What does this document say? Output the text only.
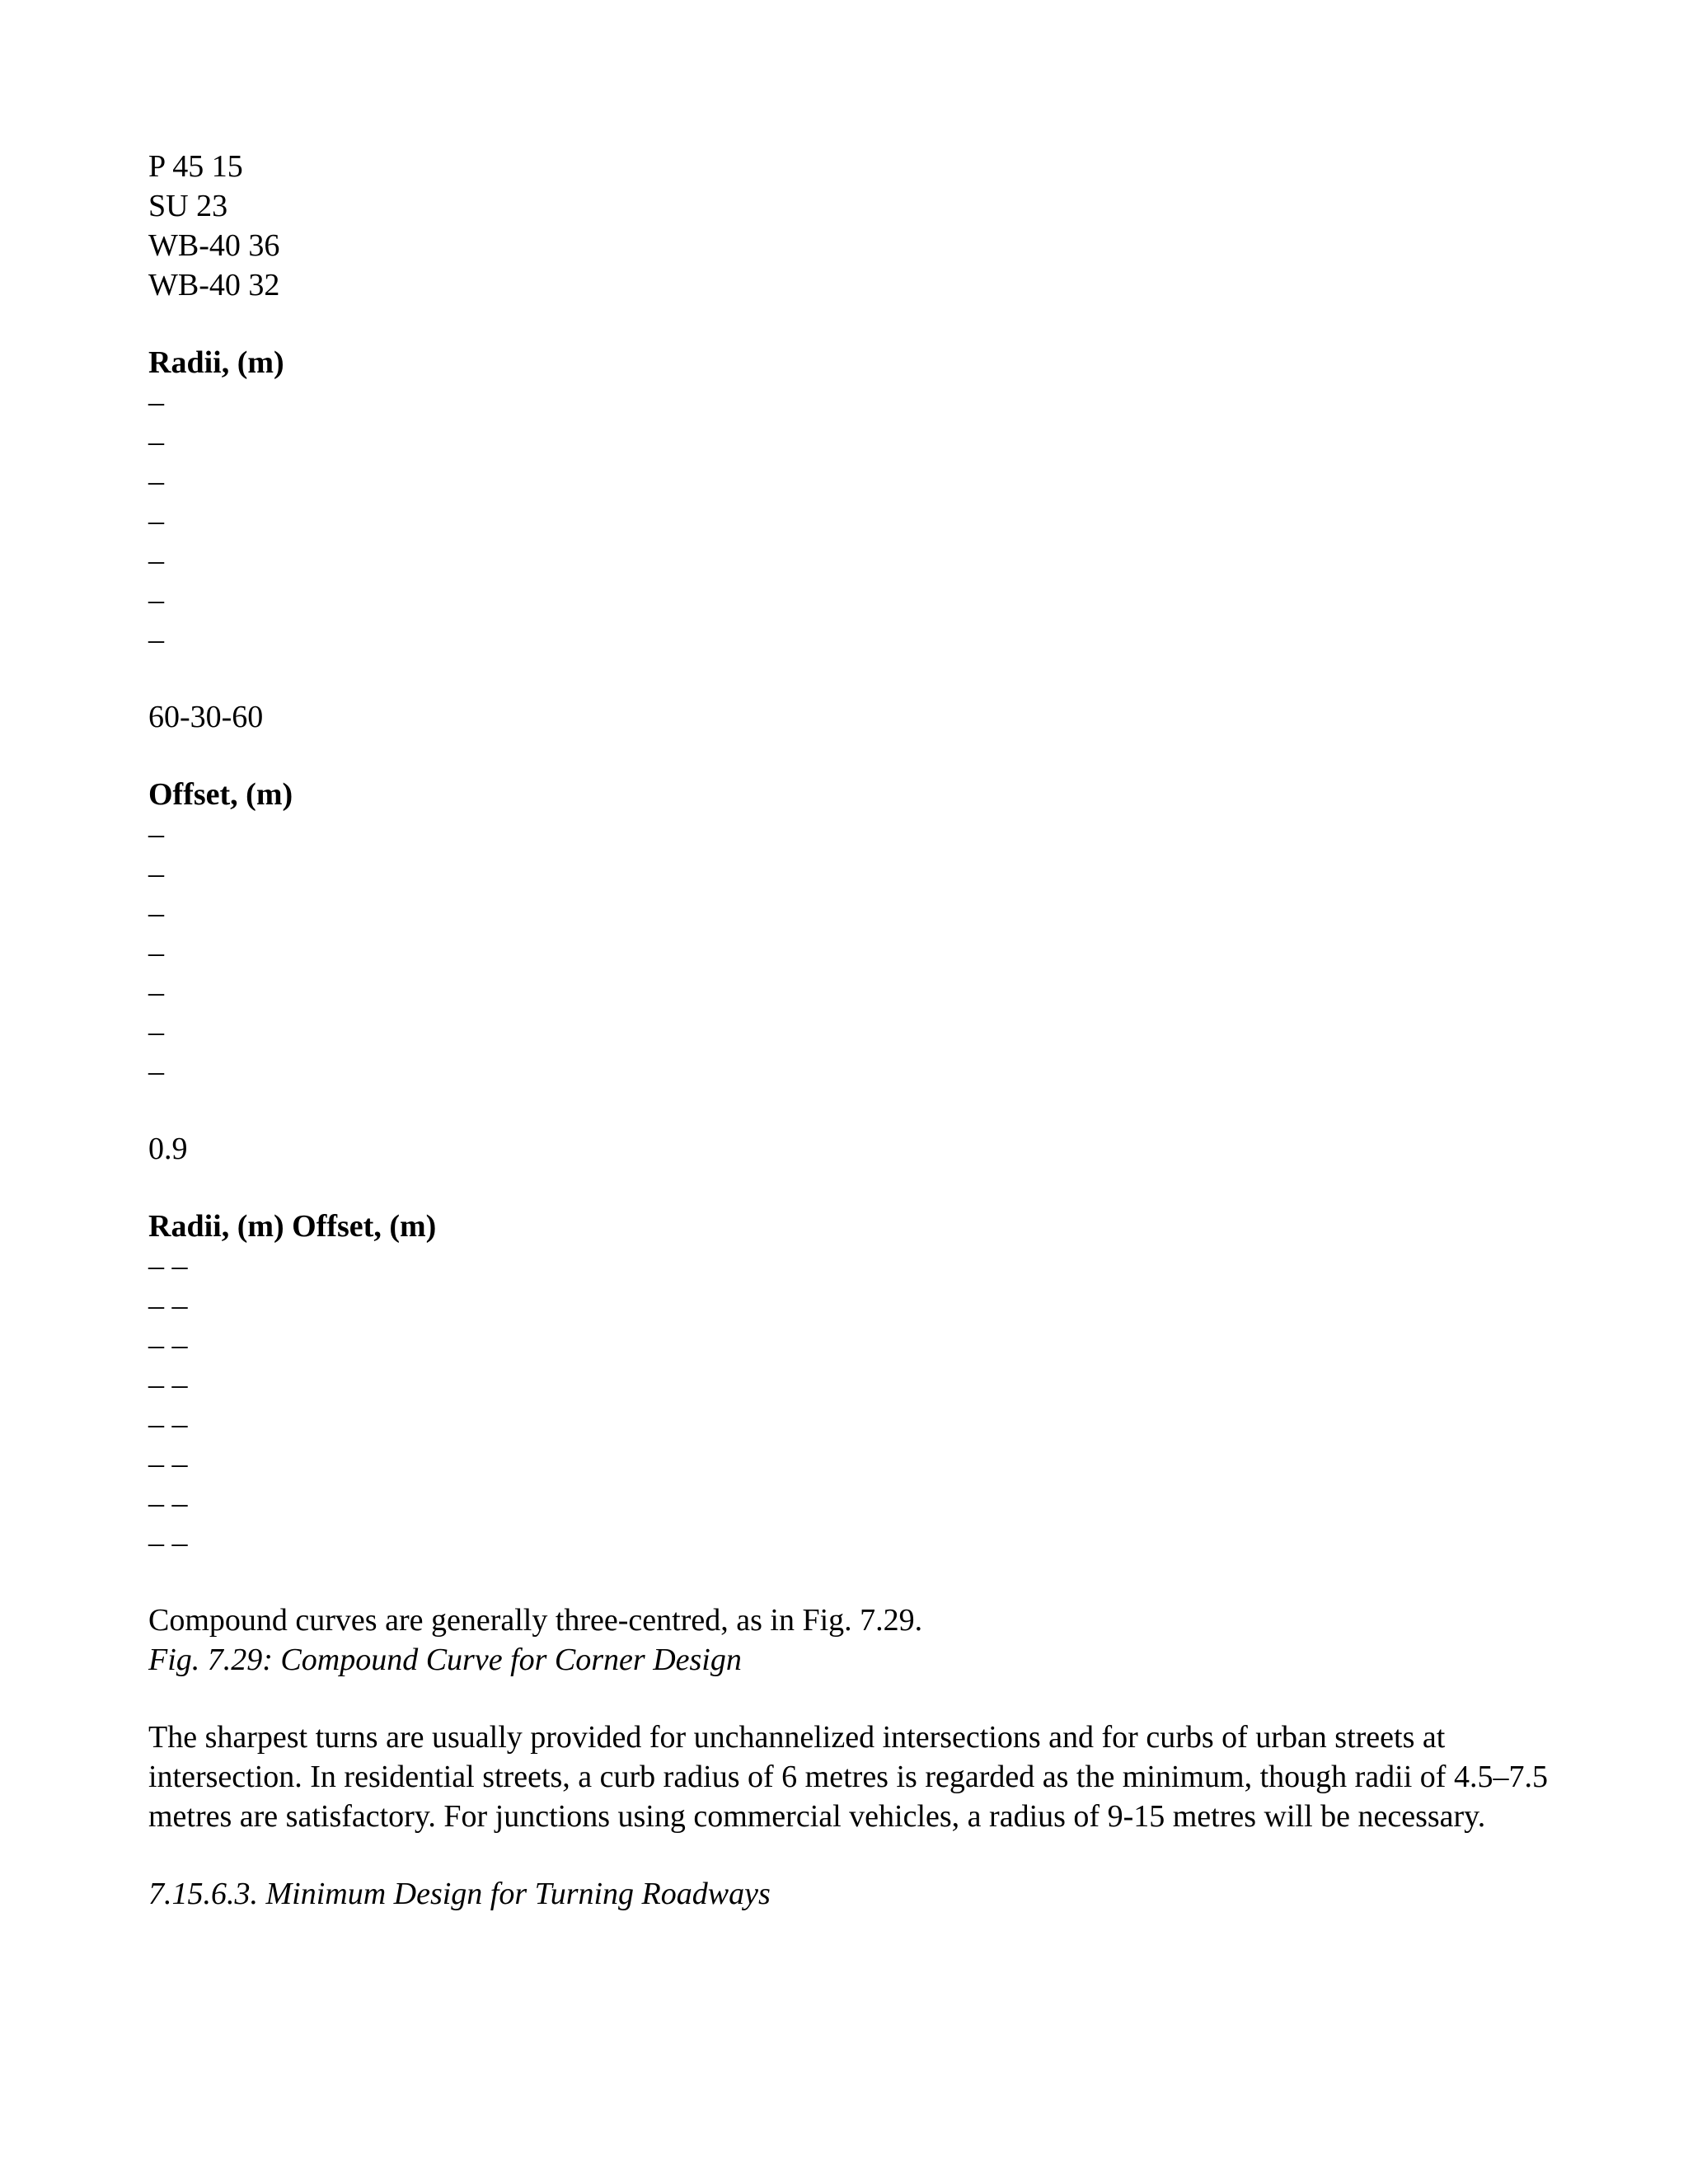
P 45 15
SU 23
WB-40 36
WB-40 32
Radii, (m)
–
–
–
–
–
–
–
60-30-60
Offset, (m)
–
–
–
–
–
–
–
0.9
Radii, (m) Offset, (m)
– –
– –
– –
– –
– –
– –
– –
– –
Compound curves are generally three-centred, as in Fig. 7.29.
Fig. 7.29: Compound Curve for Corner Design

The sharpest turns are usually provided for unchannelized intersections and for curbs of urban streets at intersection. In residential streets, a curb radius of 6 metres is regarded as the minimum, though radii of 4.5–7.5 metres are satisfactory. For junctions using commercial vehicles, a radius of 9-15 metres will be necessary.

7.15.6.3. Minimum Design for Turning Roadways
